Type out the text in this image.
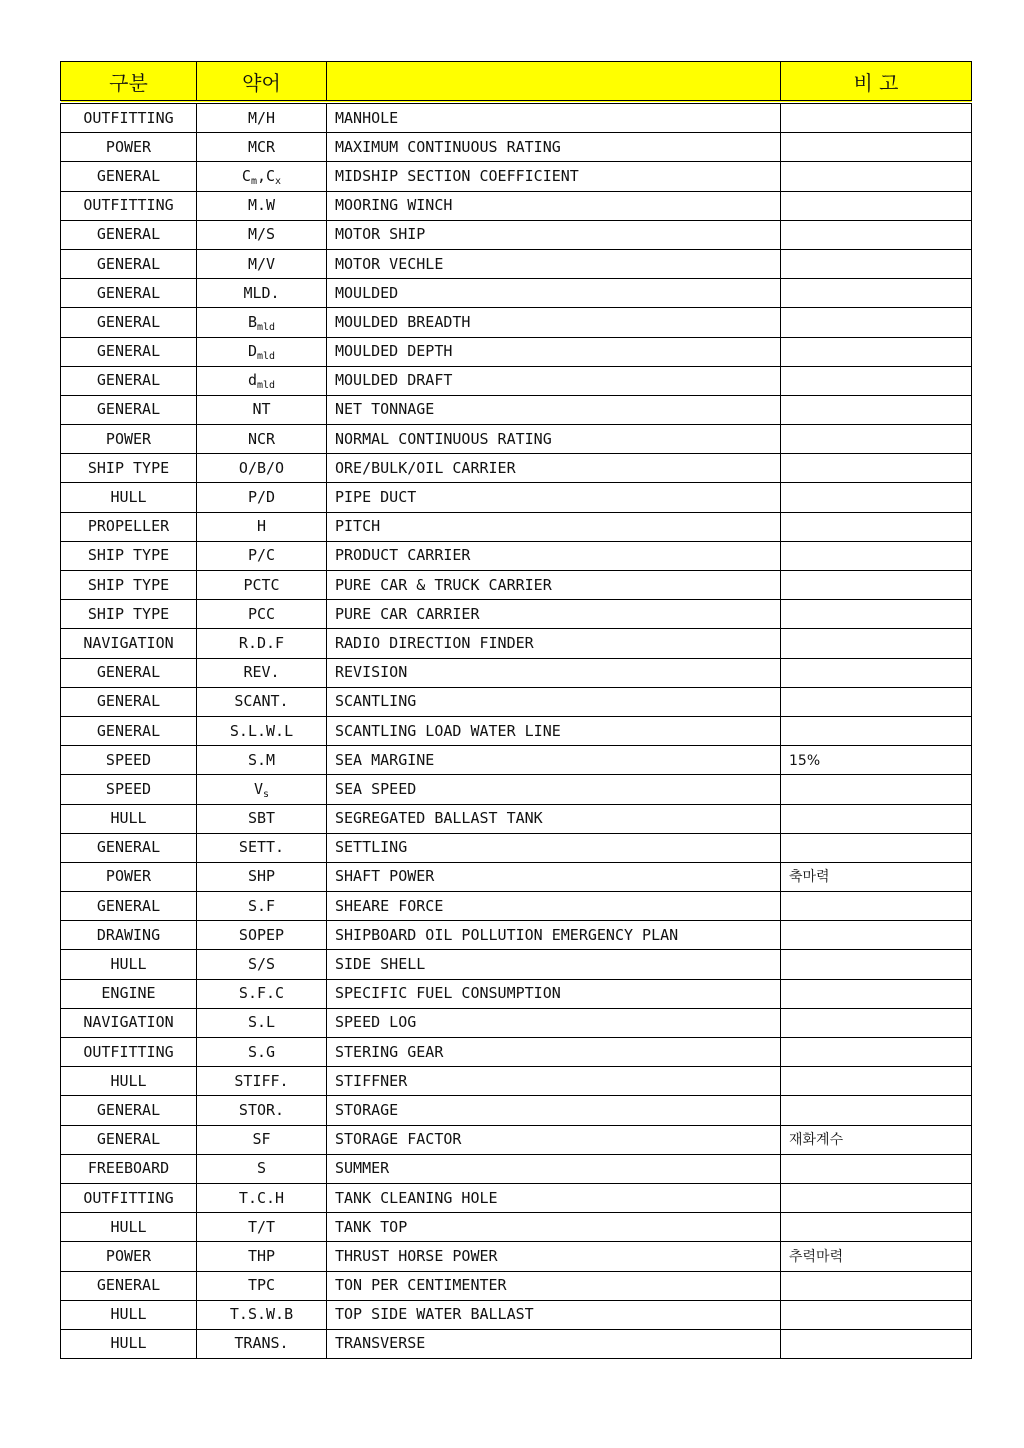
구분	약어		비 고
OUTFITTING	M/H	MANHOLE	
POWER	MCR	MAXIMUM CONTINUOUS RATING	
GENERAL	$C_m,C_x$	MIDSHIP SECTION COEFFICIENT	
OUTFITTING	M.W	MOORING WINCH	
GENERAL	M/S	MOTOR SHIP	
GENERAL	M/V	MOTOR VECHLE	
GENERAL	MLD.	MOULDED	
GENERAL	$B_{mld}$	MOULDED BREADTH	
GENERAL	$D_{mld}$	MOULDED DEPTH	
GENERAL	$d_{mld}$	MOULDED DRAFT	
GENERAL	NT	NET TONNAGE	
POWER	NCR	NORMAL CONTINUOUS RATING	
SHIP TYPE	O/B/O	ORE/BULK/OIL CARRIER	
HULL	P/D	PIPE DUCT	
PROPELLER	H	PITCH	
SHIP TYPE	P/C	PRODUCT CARRIER	
SHIP TYPE	PCTC	PURE CAR & TRUCK CARRIER	
SHIP TYPE	PCC	PURE CAR CARRIER	
NAVIGATION	R.D.F	RADIO DIRECTION FINDER	
GENERAL	REV.	REVISION	
GENERAL	SCANT.	SCANTLING	
GENERAL	S.L.W.L	SCANTLING LOAD WATER LINE	
SPEED	S.M	SEA MARGINE	15%
SPEED	$V_s$	SEA SPEED	
HULL	SBT	SEGREGATED BALLAST TANK	
GENERAL	SETT.	SETTLING	
POWER	SHP	SHAFT POWER	축마력
GENERAL	S.F	SHEARE FORCE	
DRAWING	SOPEP	SHIPBOARD OIL POLLUTION EMERGENCY PLAN	
HULL	S/S	SIDE SHELL	
ENGINE	S.F.C	SPECIFIC FUEL CONSUMPTION	
NAVIGATION	S.L	SPEED LOG	
OUTFITTING	S.G	STERING GEAR	
HULL	STIFF.	STIFFNER	
GENERAL	STOR.	STORAGE	
GENERAL	SF	STORAGE FACTOR	재화계수
FREEBOARD	S	SUMMER	
OUTFITTING	T.C.H	TANK CLEANING HOLE	
HULL	T/T	TANK TOP	
POWER	THP	THRUST HORSE POWER	추력마력
GENERAL	TPC	TON PER CENTIMENTER	
HULL	T.S.W.B	TOP SIDE WATER BALLAST	
HULL	TRANS.	TRANSVERSE	
